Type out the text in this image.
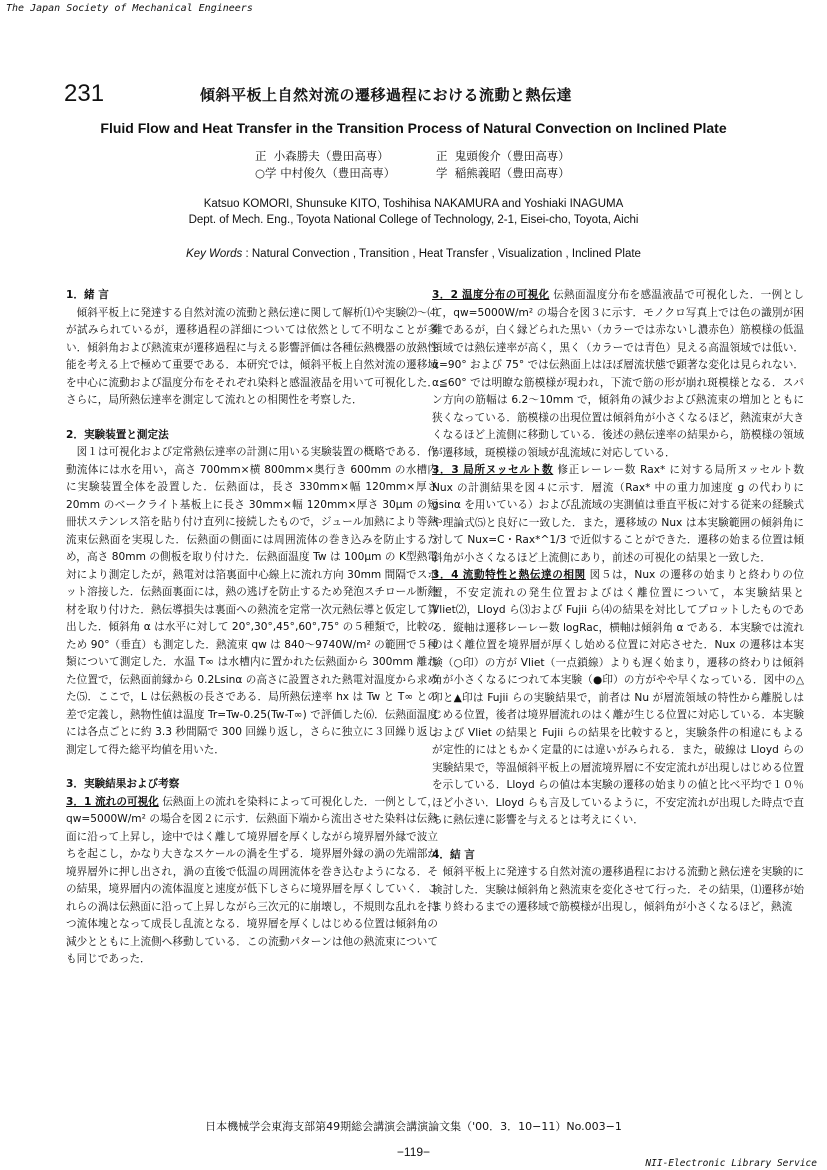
The Japan Society of Mechanical Engineers
231	傾斜平板上自然対流の遷移過程における流動と熱伝達
Fluid Flow and Heat Transfer in the Transition Process of Natural Convection on Inclined Plate
正  小森勝夫（豊田高専）
○学 中村俊久（豊田高専）
正  鬼頭俊介（豊田高専）
学  稲熊義昭（豊田高専）
Katsuo KOMORI, Shunsuke KITO, Toshihisa NAKAMURA and Yoshiaki INAGUMA
Dept. of Mech. Eng., Toyota National College of Technology, 2-1, Eisei-cho, Toyota, Aichi
Key Words : Natural Convection , Transition , Heat Transfer , Visualization , Inclined Plate
1．緒 言
傾斜平板上に発達する自然対流の流動と熱伝達に関して解析⑴や実験⑵〜⑷が試みられているが，遷移過程の詳細については依然として不明なことが多い．傾斜角および熱流束が遷移過程に与える影響評価は各種伝熱機器の放熱性能を考える上で極めて重要である．本研究では，傾斜平板上自然対流の遷移域を中心に流動および温度分布をそれぞれ染料と感温液晶を用いて可視化した．さらに，局所熱伝達率を測定して流れとの相関性を考察した．
2．実験装置と測定法
図１は可視化および定常熱伝達率の計測に用いる実験装置の概略である．作動流体には水を用い，高さ 700mm×横 800mm×奥行き 600mm の水槽内に実験装置全体を設置した．伝熱面は，長さ 330mm×幅 120mm×厚さ 20mm のベークライト基板上に長さ 30mm×幅 120mm×厚さ 30μm の短冊状ステンレス箔を貼り付け直列に接続したもので，ジュール加熱により等熱流束伝熱面を実現した．伝熱面の側面には周囲流体の巻き込みを防止するため，高さ 80mm の側板を取り付けた．伝熱面温度 Tw は 100μm の K型熱電対により測定したが，熱電対は箔裏面中心線上に流れ方向 30mm 間隔でスポット溶接した．伝熱面裏面には，熱の逃げを防止するため発泡スチロール断熱材を取り付けた．熱伝導損失は裏面への熱流を定常一次元熱伝導と仮定して算出した．傾斜角 α は水平に対して 20°,30°,45°,60°,75° の５種類で，比較のため 90°（垂直）も測定した．熱流束 qw は 840〜9740W/m² の範囲で５種類について測定した．水温 T∞ は水槽内に置かれた伝熱面から 300mm 離れた位置で，伝熱面前縁から 0.2Lsinα の高さに設置された熱電対温度から求めた⑸．ここで，L は伝熱板の長さである．局所熱伝達率 hx は Tw と T∞ との差で定義し，熱物性値は温度 Tr=Tw-0.25(Tw-T∞) で評価した⑹．伝熱面温度には各点ごとに約 3.3 秒間隔で 300 回繰り返し，さらに独立に３回繰り返し測定して得た総平均値を用いた．
3．実験結果および考察
3．1 流れの可視化 伝熱面上の流れを染料によって可視化した．一例として，qw=5000W/m² の場合を図２に示す．伝熱面下端から流出させた染料は伝熱面に沿って上昇し，途中ではく離して境界層を厚くしながら境界層外縁で波立ちを起こし，かなり大きなスケールの渦を生ずる．境界層外縁の渦の先端部が境界層外に押し出され，渦の直後で低温の周囲流体を巻き込むようになる．その結果，境界層内の流体温度と速度が低下しさらに境界層を厚くしていく．これらの渦は伝熱面に沿って上昇しながら三次元的に崩壊し，不規則な乱れを持つ流体塊となって成長し乱流となる．境界層を厚くしはじめる位置は傾斜角の減少とともに上流側へ移動している．この流動パターンは他の熱流束についても同じであった．
3．2 温度分布の可視化 伝熱面温度分布を感温液晶で可視化した．一例として，qw=5000W/m² の場合を図３に示す．モノクロ写真上では色の識別が困難であるが，白く縁どられた黒い（カラーでは赤ないし濃赤色）筋模様の低温領域では熱伝達率が高く，黒く（カラーでは青色）見える高温領域では低い．α=90° および 75° では伝熱面上はほぼ層流状態で顕著な変化は見られない．α≦60° では明瞭な筋模様が現われ，下流で筋の形が崩れ斑模様となる．スパン方向の筋幅は 6.2〜10mm で，傾斜角の減少および熱流束の増加とともに狭くなっている．筋模様の出現位置は傾斜角が小さくなるほど，熱流束が大きくなるほど上流側に移動している．後述の熱伝達率の結果から，筋模様の領域が遷移域，斑模様の領域が乱流域に対応している．
3．3 局所ヌッセルト数 修正レーレー数 Rax* に対する局所ヌッセルト数 Nux の計測結果を図４に示す．層流（Rax* 中の重力加速度 g の代わりに gsinα を用いている）および乱流域の実測値は垂直平板に対する従来の経験式や理論式⑸と良好に一致した．また，遷移域の Nux は本実験範囲の傾斜角に対して Nux=C・Rax*^1/3 で近似することができた．遷移の始まる位置は傾斜角が小さくなるほど上流側にあり，前述の可視化の結果と一致した．
3．4 流動特性と熱伝達の相関 図５は，Nux の遷移の始まりと終わりの位置，不安定流れの発生位置およびはく離位置について，本実験結果と Vliet⑵，Lloyd ら⑶および Fujii ら⑷の結果を対比してプロットしたものである．縦軸は遷移レーレー数 logRac，横軸は傾斜角 α である．本実験では流れのはく離位置を境界層が厚くし始める位置に対応させた．Nux の遷移は本実験（○印）の方が Vliet（一点鎖線）よりも遅く始まり，遷移の終わりは傾斜角が小さくなるにつれて本実験（●印）の方がやや早くなっている．図中の△印と▲印は Fujii らの実験結果で，前者は Nu が層流領域の特性から離脱しはじめる位置，後者は境界層流れのはく離が生じる位置に対応している．本実験および Vliet の結果と Fujii らの結果を比較すると，実験条件の相違にもよるが定性的にはともかく定量的には違いがみられる．また，破線は Lloyd らの実験結果で，等温傾斜平板上の層流境界層に不安定流れが出現しはじめる位置を示している．Lloyd らの値は本実験の遷移の始まりの値と比べ平均で１０％ほど小さい．Lloyd らも言及しているように，不安定流れが出現した時点で直ちに熱伝達に影響を与えるとは考えにくい．
4．結 言
傾斜平板上に発達する自然対流の遷移過程における流動と熱伝達を実験的に検討した．実験は傾斜角と熱流束を変化させて行った．その結果，⑴遷移が始まり終わるまでの遷移域で筋模様が出現し，傾斜角が小さくなるほど，熱流
日本機械学会東海支部第49期総会講演会講演論文集（'00．3．10−11）No.003−1
−119−
NII-Electronic Library Service
